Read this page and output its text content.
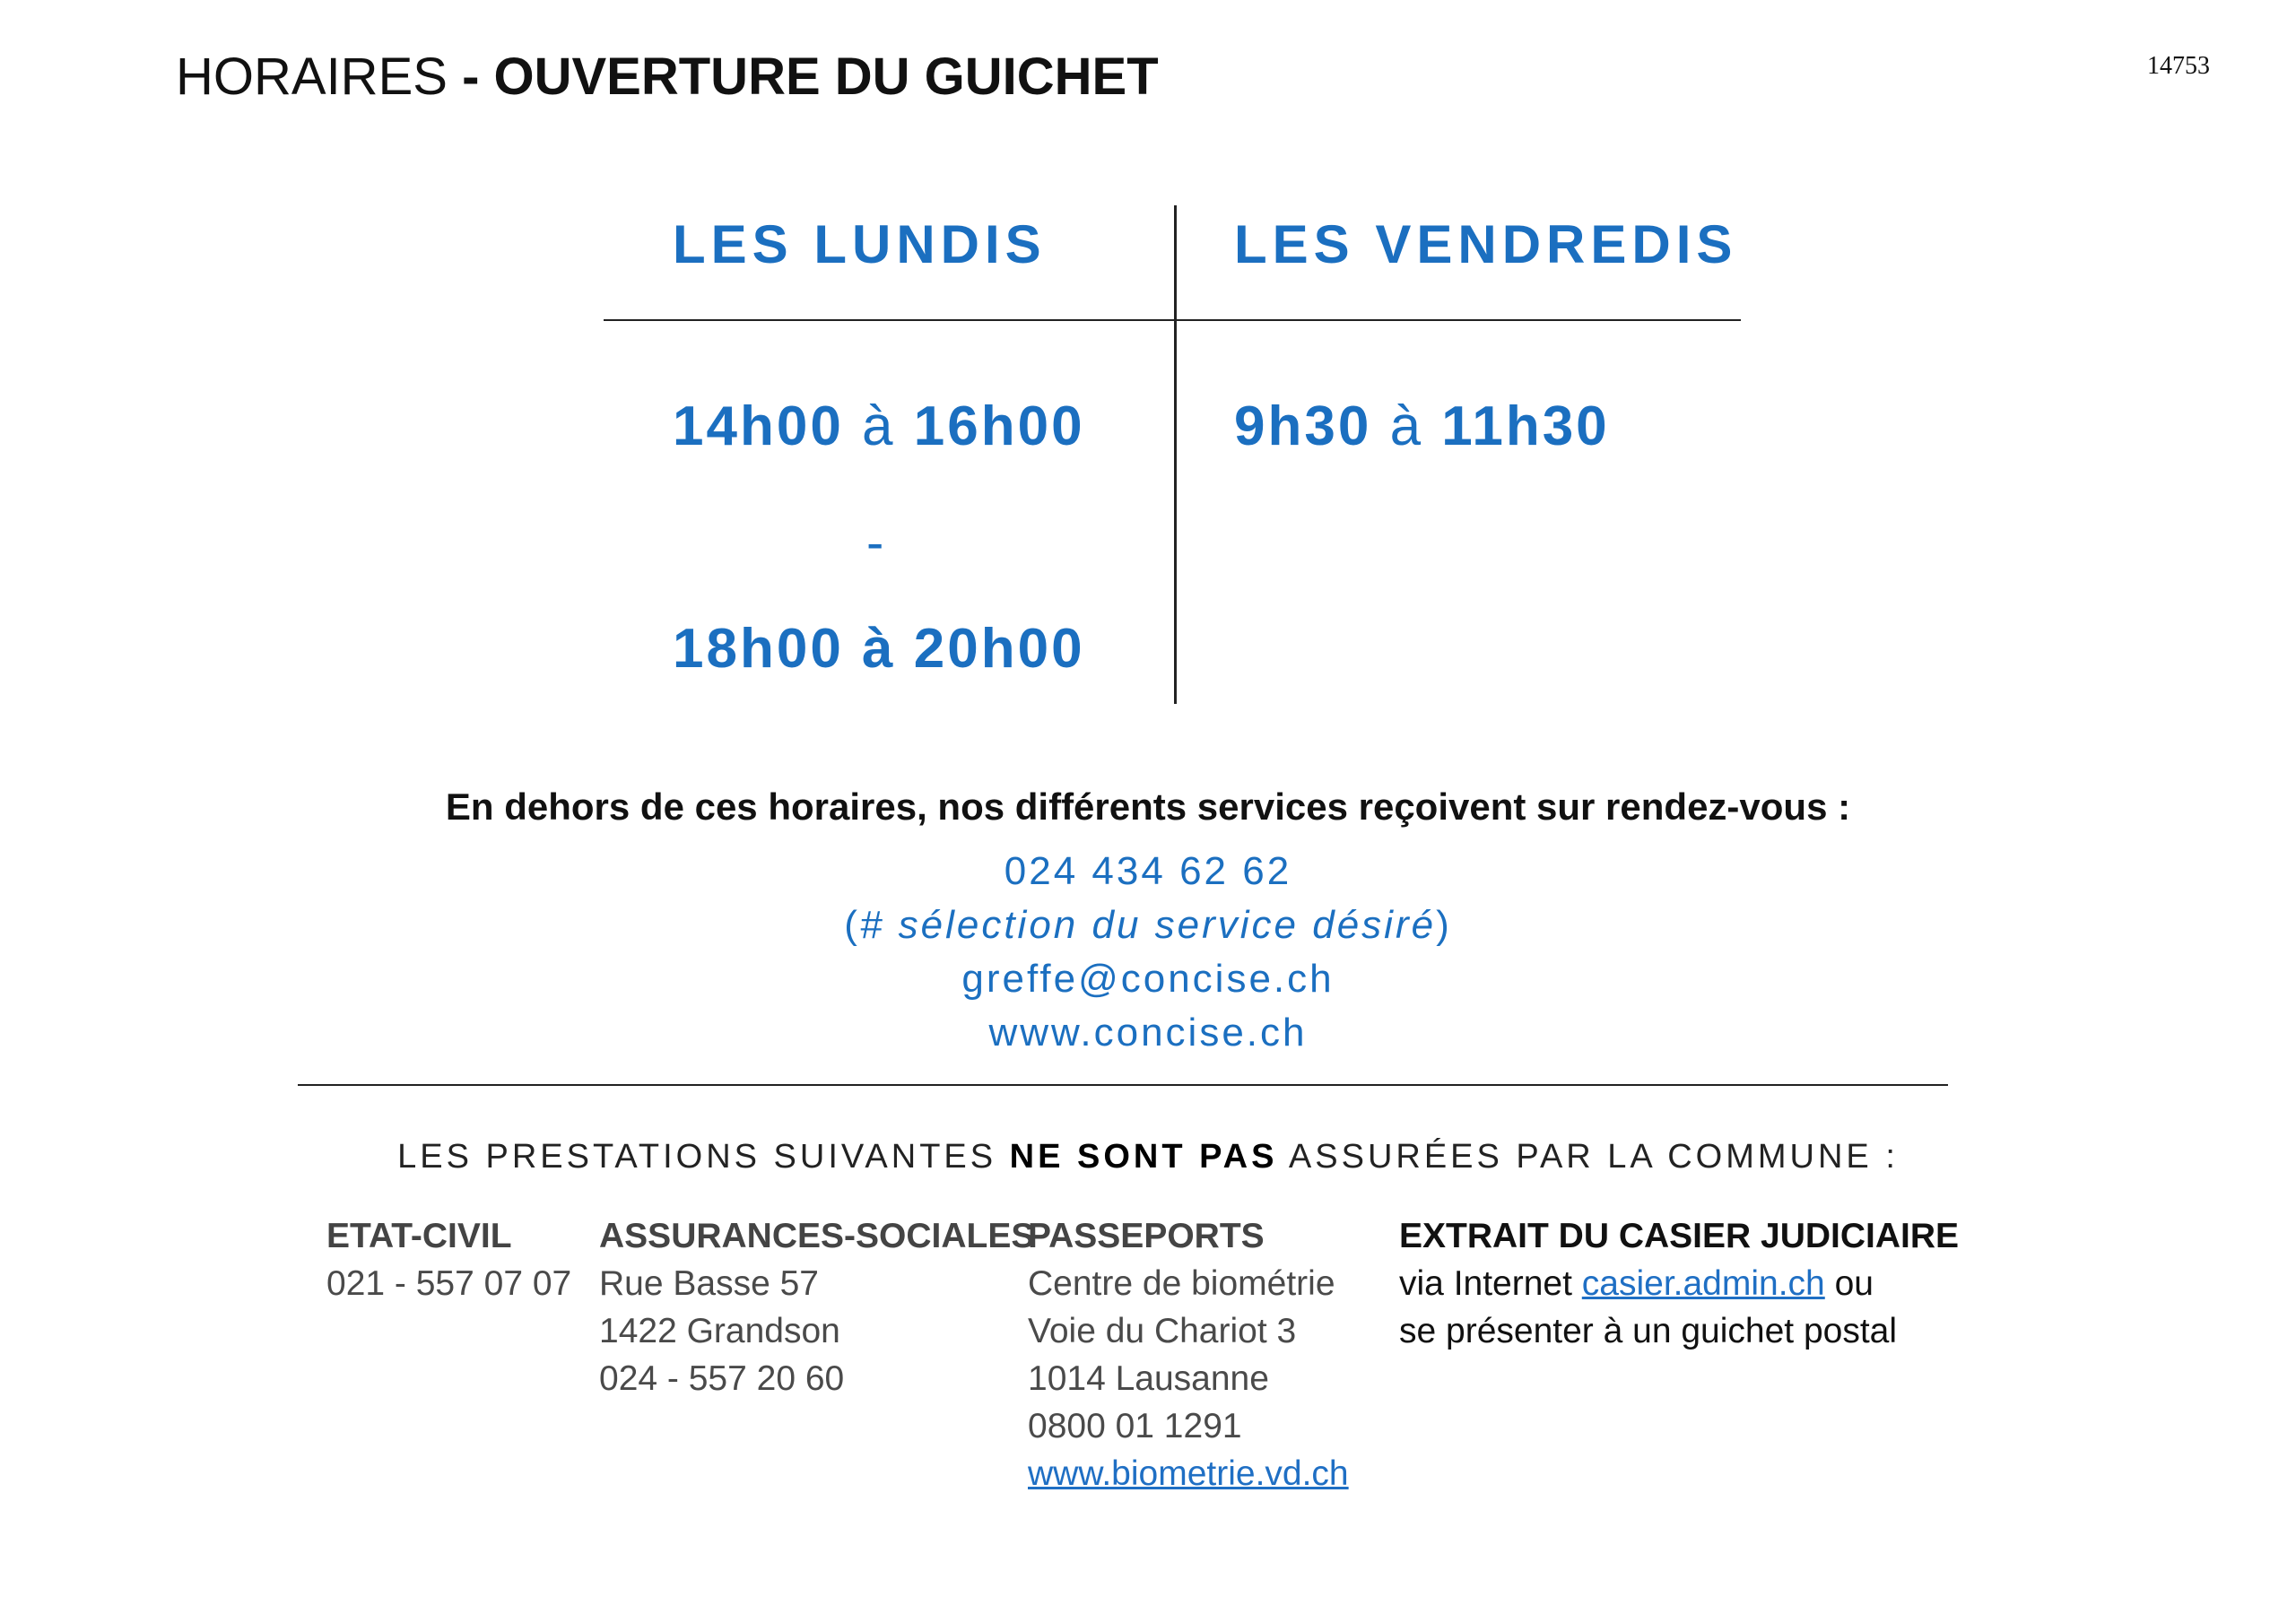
HORAIRES - OUVERTURE DU GUICHET	14753
LES LUNDIS	LES VENDREDIS
14h00 à 16h00
-
18h00 à 20h00
9h30 à 11h30
En dehors de ces horaires, nos différents services reçoivent sur rendez-vous :
024 434 62 62
(# sélection du service désiré)
greffe@concise.ch
www.concise.ch
LES PRESTATIONS SUIVANTES NE SONT PAS ASSURÉES PAR LA COMMUNE :
ETAT-CIVIL
021 - 557 07 07
ASSURANCES-SOCIALES
Rue Basse 57
1422 Grandson
024 - 557 20 60
PASSEPORTS
Centre de biométrie
Voie du Chariot 3
1014 Lausanne
0800 01 1291
www.biometrie.vd.ch
EXTRAIT DU CASIER JUDICIAIRE
via Internet casier.admin.ch ou
se présenter à un guichet postal
